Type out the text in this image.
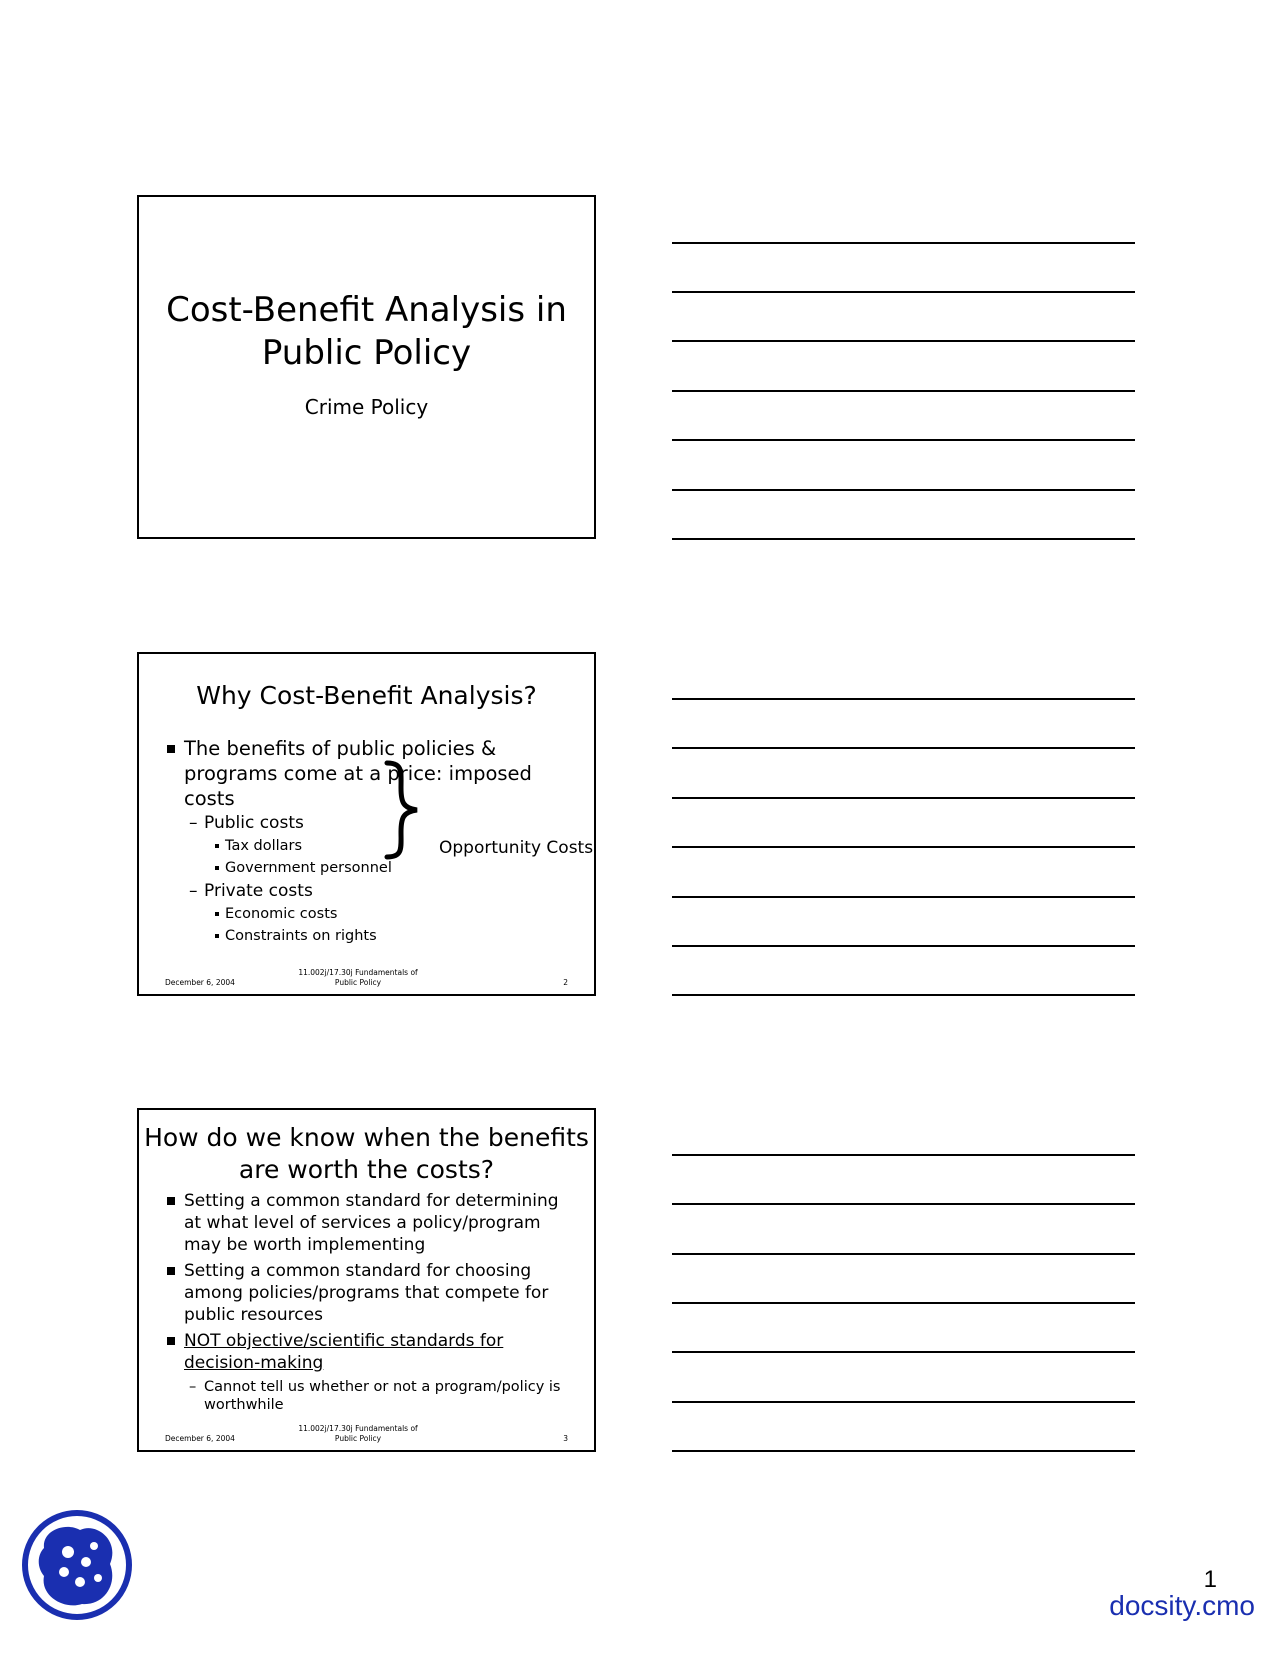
Cost-Benefit Analysis in Public Policy
Crime Policy
Why Cost-Benefit Analysis?
The benefits of public policies & programs come at a price: imposed costs
– Public costs
Tax dollars
Government personnel
– Private costs
Economic costs
Constraints on rights
Opportunity Costs
December 6, 2004
11.002j/17.30j Fundamentals of Public Policy	2
How do we know when the benefits are worth the costs?
Setting a common standard for determining at what level of services a policy/program may be worth implementing
Setting a common standard for choosing among policies/programs that compete for public resources
NOT objective/scientific standards for decision-making
– Cannot tell us whether or not a program/policy is worthwhile
December 6, 2004
11.002j/17.30j Fundamentals of Public Policy	3
1
docsity.cmo
